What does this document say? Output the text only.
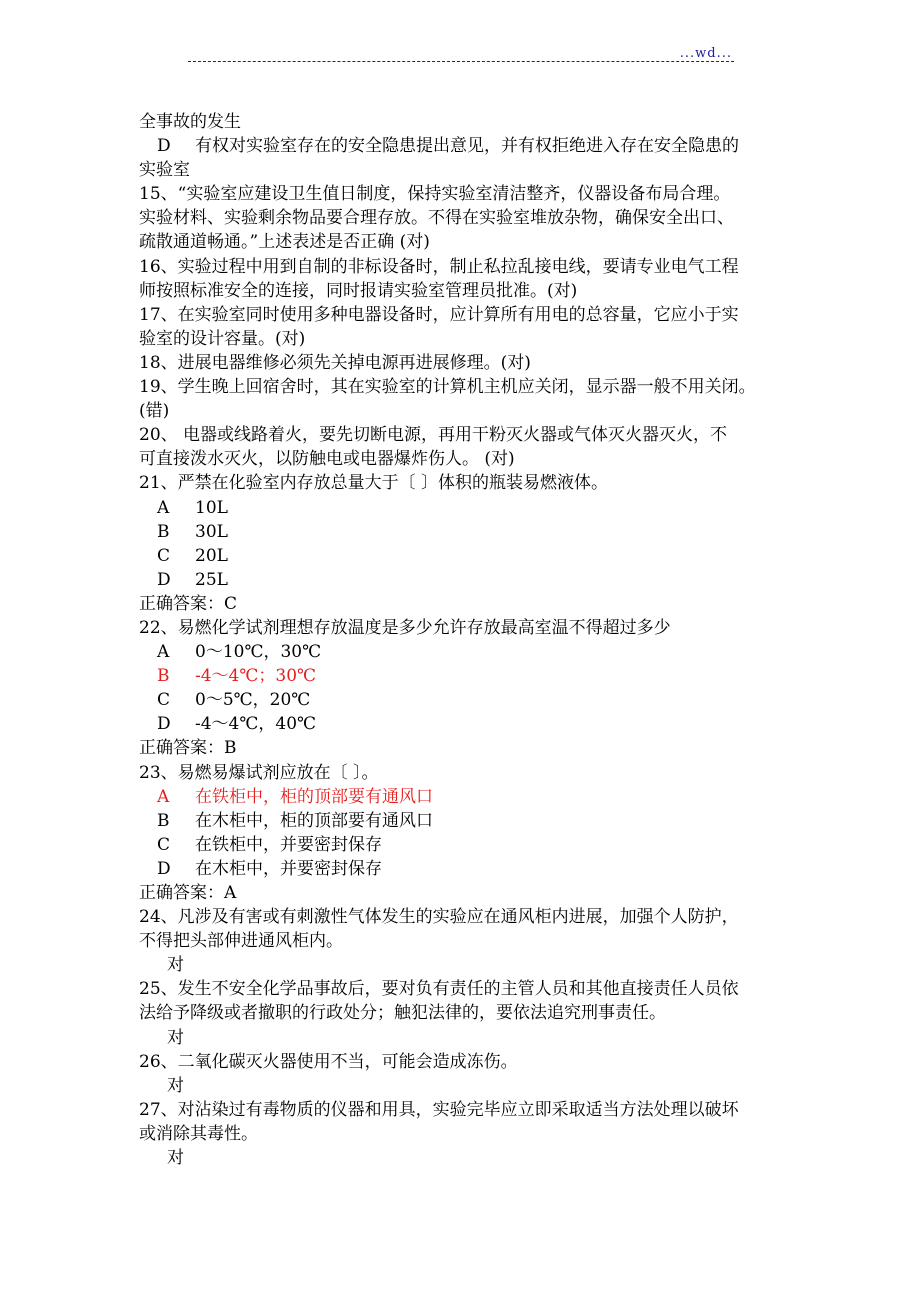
...wd...
全事故的发生
D 有权对实验室存在的安全隐患提出意见，并有权拒绝进入存在安全隐患的
实验室
15、“实验室应建设卫生值日制度，保持实验室清洁整齐，仪器设备布局合理。
实验材料、实验剩余物品要合理存放。不得在实验室堆放杂物，确保安全出口、
疏散通道畅通。”上述表述是否正确 (对)
16、实验过程中用到自制的非标设备时，制止私拉乱接电线，要请专业电气工程
师按照标准安全的连接，同时报请实验室管理员批准。(对)
17、在实验室同时使用多种电器设备时，应计算所有用电的总容量，它应小于实
验室的设计容量。(对)
18、进展电器维修必须先关掉电源再进展修理。(对)
19、学生晚上回宿舍时，其在实验室的计算机主机应关闭，显示器一般不用关闭。
(错)
20、 电器或线路着火，要先切断电源，再用干粉灭火器或气体灭火器灭火，不
可直接泼水灭火，以防触电或电器爆炸伤人。 (对)
21、严禁在化验室内存放总量大于〔 〕体积的瓶装易燃液体。
A 10L
B 30L
C 20L
D 25L
正确答案：C
22、易燃化学试剂理想存放温度是多少允许存放最高室温不得超过多少
A 0～10℃，30℃
B -4～4℃；30℃
C 0～5℃，20℃
D -4～4℃，40℃
正确答案：B
23、易燃易爆试剂应放在〔 〕。
A 在铁柜中，柜的顶部要有通风口
B 在木柜中，柜的顶部要有通风口
C 在铁柜中，并要密封保存
D 在木柜中，并要密封保存
正确答案：A
24、凡涉及有害或有刺激性气体发生的实验应在通风柜内进展，加强个人防护，
不得把头部伸进通风柜内。
对
25、发生不安全化学品事故后，要对负有责任的主管人员和其他直接责任人员依
法给予降级或者撤职的行政处分；触犯法律的，要依法追究刑事责任。
对
26、二氧化碳灭火器使用不当，可能会造成冻伤。
对
27、对沾染过有毒物质的仪器和用具，实验完毕应立即采取适当方法处理以破坏
或消除其毒性。
对
